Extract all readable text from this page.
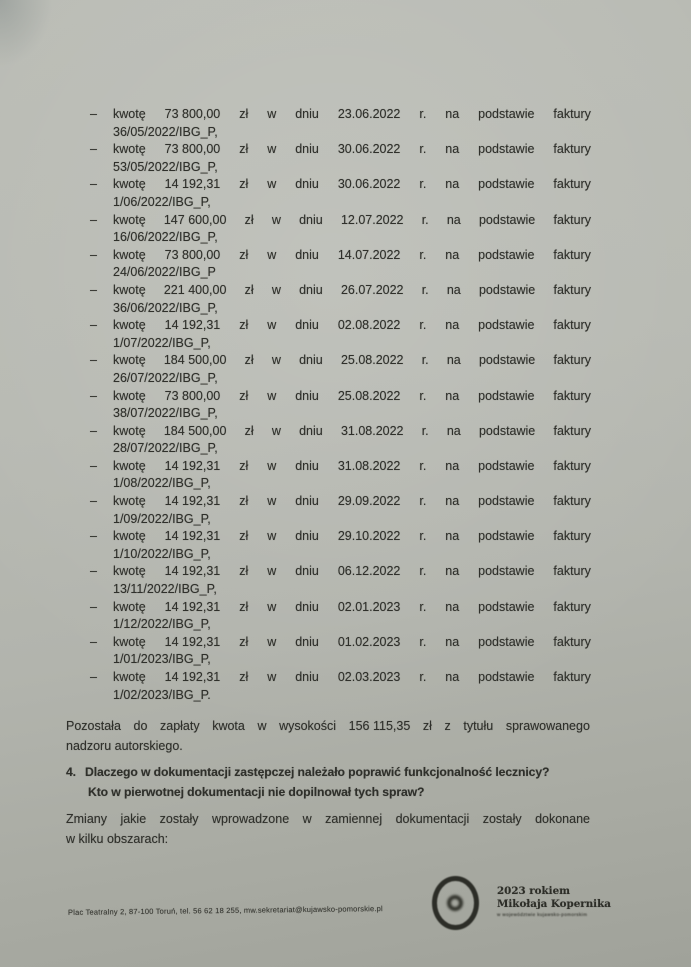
– kwotę 73 800,00 zł w dniu 23.06.2022 r. na podstawie faktury
36/05/2022/IBG_P,
– kwotę 73 800,00 zł w dniu 30.06.2022 r. na podstawie faktury
53/05/2022/IBG_P,
– kwotę 14 192,31 zł w dniu 30.06.2022 r. na podstawie faktury
1/06/2022/IBG_P,
– kwotę 147 600,00 zł w dniu 12.07.2022 r. na podstawie faktury
16/06/2022/IBG_P,
– kwotę 73 800,00 zł w dniu 14.07.2022 r. na podstawie faktury
24/06/2022/IBG_P
– kwotę 221 400,00 zł w dniu 26.07.2022 r. na podstawie faktury
36/06/2022/IBG_P,
– kwotę 14 192,31 zł w dniu 02.08.2022 r. na podstawie faktury
1/07/2022/IBG_P,
– kwotę 184 500,00 zł w dniu 25.08.2022 r. na podstawie faktury
26/07/2022/IBG_P,
– kwotę 73 800,00 zł w dniu 25.08.2022 r. na podstawie faktury
38/07/2022/IBG_P,
– kwotę 184 500,00 zł w dniu 31.08.2022 r. na podstawie faktury
28/07/2022/IBG_P,
– kwotę 14 192,31 zł w dniu 31.08.2022 r. na podstawie faktury
1/08/2022/IBG_P,
– kwotę 14 192,31 zł w dniu 29.09.2022 r. na podstawie faktury
1/09/2022/IBG_P,
– kwotę 14 192,31 zł w dniu 29.10.2022 r. na podstawie faktury
1/10/2022/IBG_P,
– kwotę 14 192,31 zł w dniu 06.12.2022 r. na podstawie faktury
13/11/2022/IBG_P,
– kwotę 14 192,31 zł w dniu 02.01.2023 r. na podstawie faktury
1/12/2022/IBG_P,
– kwotę 14 192,31 zł w dniu 01.02.2023 r. na podstawie faktury
1/01/2023/IBG_P,
– kwotę 14 192,31 zł w dniu 02.03.2023 r. na podstawie faktury
1/02/2023/IBG_P.
Pozostała do zapłaty kwota w wysokości 156 115,35 zł z tytułu sprawowanego
nadzoru autorskiego.
4. Dlaczego w dokumentacji zastępczej należało poprawić funkcjonalność lecznicy?
Kto w pierwotnej dokumentacji nie dopilnował tych spraw?
Zmiany jakie zostały wprowadzone w zamiennej dokumentacji zostały dokonane
w kilku obszarach:
Plac Teatralny 2, 87-100 Toruń, tel. 56 62 18 255, mw.sekretariat@kujawsko-pomorskie.pl
2023 rokiem
Mikołaja Kopernika
w województwie kujawsko-pomorskim
